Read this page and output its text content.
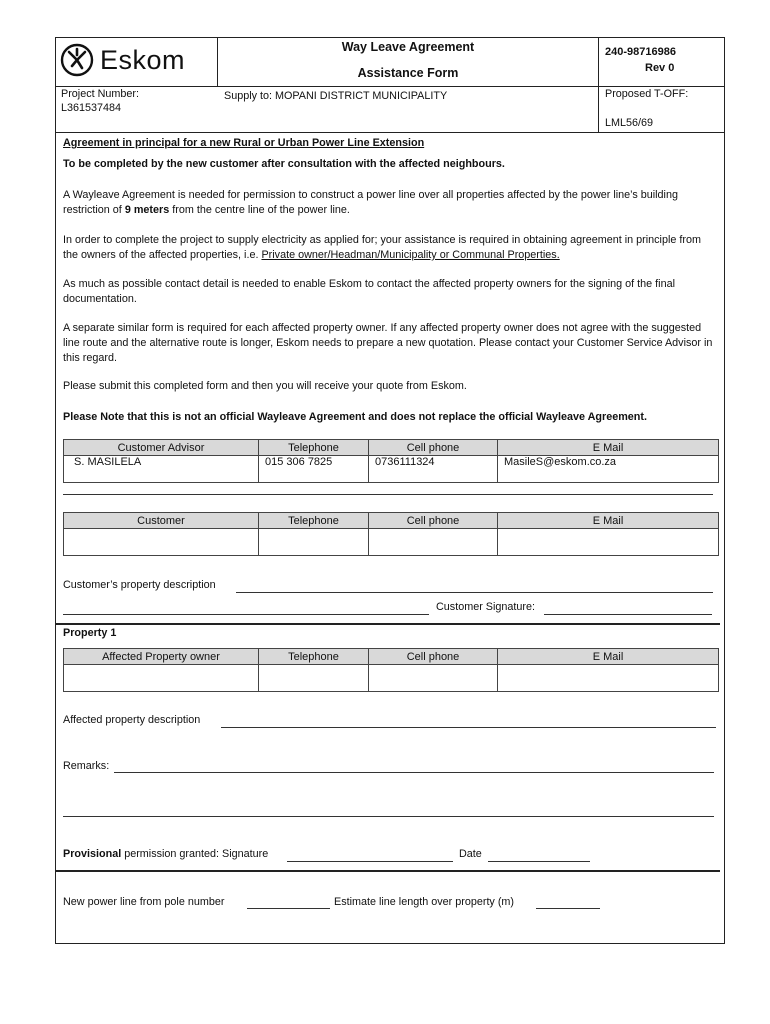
Eskom	Way Leave Agreement
Assistance Form
240-98716986
Rev 0
Project Number:
L361537484
Supply to: MOPANI DISTRICT MUNICIPALITY	Proposed T-OFF:
LML56/69
Agreement in principal for a new Rural or Urban Power Line Extension
To be completed by the new customer after consultation with the affected neighbours.

A Wayleave Agreement is needed for permission to construct a power line over all properties affected by the power line’s building restriction of 9 meters from the centre line of the power line.

In order to complete the project to supply electricity as applied for; your assistance is required in obtaining agreement in principle from the owners of the affected properties, i.e. Private owner/Headman/Municipality or Communal Properties.

As much as possible contact detail is needed to enable Eskom to contact the affected property owners for the signing of the final documentation.

A separate similar form is required for each affected property owner. If any affected property owner does not agree with the suggested line route and the alternative route is longer, Eskom needs to prepare a new quotation. Please contact your Customer Service Advisor in this regard.

Please submit this completed form and then you will receive your quote from Eskom.
Please Note that this is not an official Wayleave Agreement and does not replace the official Wayleave Agreement.
Customer Advisor	Telephone	Cell phone	E Mail
S. MASILELA	015 306 7825	0736111324	MasileS@eskom.co.za
Customer	Telephone	Cell phone	E Mail

Customer’s property description
Customer Signature:
Property 1
Affected Property owner	Telephone	Cell phone	E Mail

Affected property description
Remarks:
Provisional permission granted: Signature	Date
New power line from pole number	Estimate line length over property (m)
